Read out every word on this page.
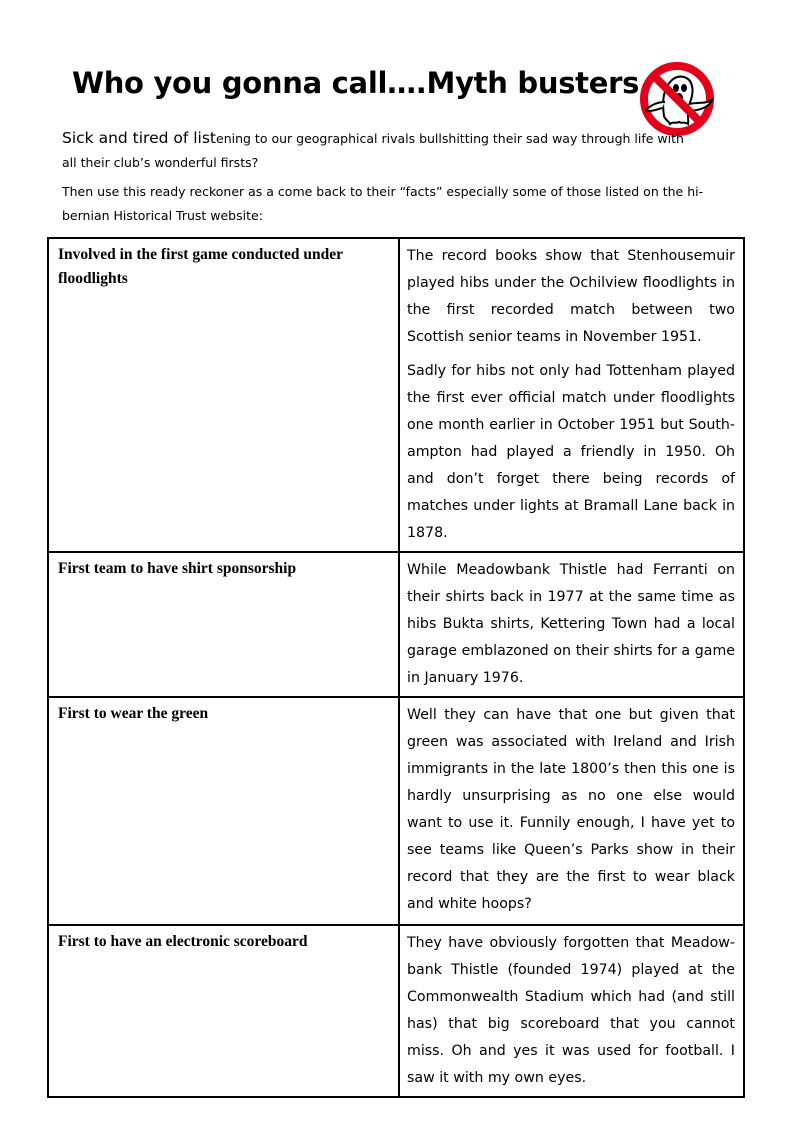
Who you gonna call….Myth busters

Sick and tired of listening to our geographical rivals bullshitting their sad way through life with all their club’s wonderful firsts?

Then use this ready reckoner as a come back to their “facts” especially some of those listed on the hi-bernian Historical Trust website:

Involved in the first game conducted under floodlights	The record books show that Stenhousemuir played hibs under the Ochilview floodlights in the first recorded match between two Scottish senior teams in November 1951.

Sadly for hibs not only had Tottenham played the first ever official match under floodlights one month earlier in October 1951 but South-ampton had played a friendly in 1950. Oh and don’t forget there being records of matches under lights at Bramall Lane back in 1878.

First team to have shirt sponsorship	While Meadowbank Thistle had Ferranti on their shirts back in 1977 at the same time as hibs Bukta shirts, Kettering Town had a local garage emblazoned on their shirts for a game in January 1976.

First to wear the green	Well they can have that one but given that green was associated with Ireland and Irish immigrants in the late 1800’s then this one is hardly unsurprising as no one else would want to use it. Funnily enough, I have yet to see teams like Queen’s Parks show in their record that they are the first to wear black and white hoops?

First to have an electronic scoreboard	They have obviously forgotten that Meadow-bank Thistle (founded 1974) played at the Commonwealth Stadium which had (and still has) that big scoreboard that you cannot miss. Oh and yes it was used for football. I saw it with my own eyes.
